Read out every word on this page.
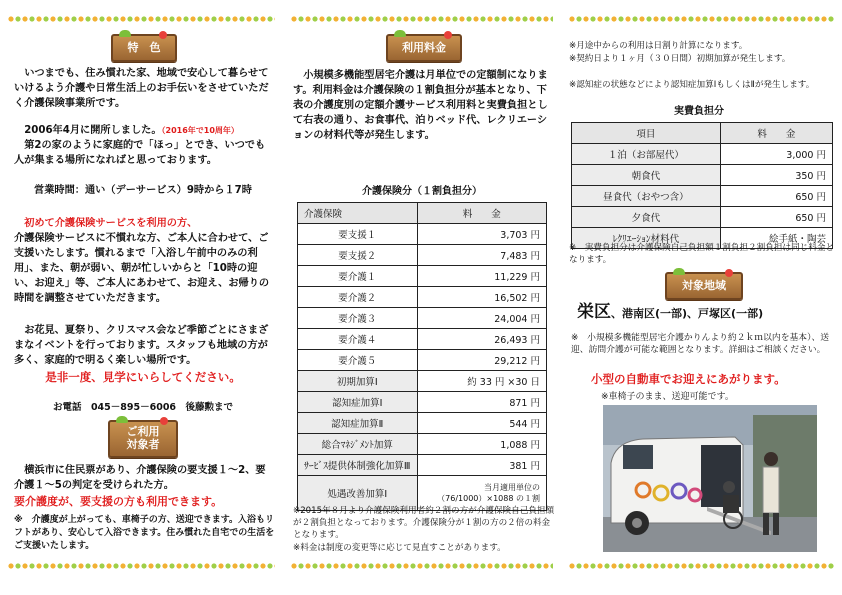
特　色
いつまでも、住み慣れた家、地域で安心して暮らせていけるよう介護や日常生活上のお手伝いをさせていただく介護保険事業所です。
2006年4月に開所しました。（2016年で10周年）
第2の家のように家庭的で「ほっ」とでき、いつでも人が集まる場所になればと思っております。
営業時間：通い（デーサービス）9時から１7時
初めて介護保険サービスを利用の方、
介護保険サービスに不慣れな方、ご本人に合わせて、ご支援いたします。慣れるまで「入浴し午前中のみの利用」、また、朝が弱い、朝が忙しいからと「10時の迎い、お迎え」等、ご本人にあわせて、お迎え、お帰りの時間を調整させていただきます。
お花見、夏祭り、クリスマス会など季節ごとにさまざまなイベントを行っております。スタッフも地域の方が多く、家庭的で明るく楽しい場所です。
是非一度、見学にいらしてください。
お電話　045－895－6006　後藤勲まで
ご利用
対象者
横浜市に住民票があり、介護保険の要支援１～2、要介護１～5の判定を受けられた方。
要介護度が、要支援の方も利用できます。
※　介護度が上がっても、車椅子の方、送迎できます。入浴もリフトがあり、安心して入浴できます。住み慣れた自宅での生活をご支援いたします。
利用料金
小規模多機能型居宅介護は月単位での定額制になります。利用料金は介護保険の１割負担分が基本となり、下表の介護度別の定額介護サービス利用料と実費負担として右表の通り、お食事代、泊りベッド代、レクリエーションの材料代等が発生します。
介護保険分（１割負担分）
介護保険	料　　金
要支援１	3,703 円
要支援２	7,483 円
要介護１	11,229 円
要介護２	16,502 円
要介護３	24,004 円
要介護４	26,493 円
要介護５	29,212 円
初期加算Ⅰ	約 33 円 ×30 日
認知症加算Ⅰ	871 円
認知症加算Ⅱ	544 円
総合ﾏﾈｼﾞﾒﾝﾄ加算	1,088 円
ｻｰﾋﾞｽ提供体制強化加算Ⅲ	381 円
処遇改善加算Ⅰ	当月適用単位の
（76/1000）×1088 の１割
※2015年８月より介護保険利用者約２割の方が介護保険自己負担額が２割負担となっております。介護保険分が１割の方の２倍の料金となります。
※料金は制度の変更等に応じて見直すことがあります。
※月途中からの利用は日割り計算になります。
※契約日より１ヶ月（３０日間）初期加算が発生します。
※認知症の状態などにより認知症加算ⅠもしくはⅡが発生します。
実費負担分
項目	料　　金
１泊（お部屋代）	3,000 円
朝食代	350 円
昼食代（おやつ含）	650 円
夕食代	650 円
ﾚｸﾘｴｰｼｮﾝ材料代	絵手紙・陶芸
※　実費負担分は介護保険自己負担額１割負担２割負担は同じ料金となります。
対象地域
栄区、港南区(一部)、戸塚区(一部)
※　小規模多機能型居宅介護かりんより約２ｋｍ以内を基本）、送迎、訪問介護が可能な範囲となります。詳細はご相談ください。
小型の自動車でお迎えにあがります。
※車椅子のまま、送迎可能です。
